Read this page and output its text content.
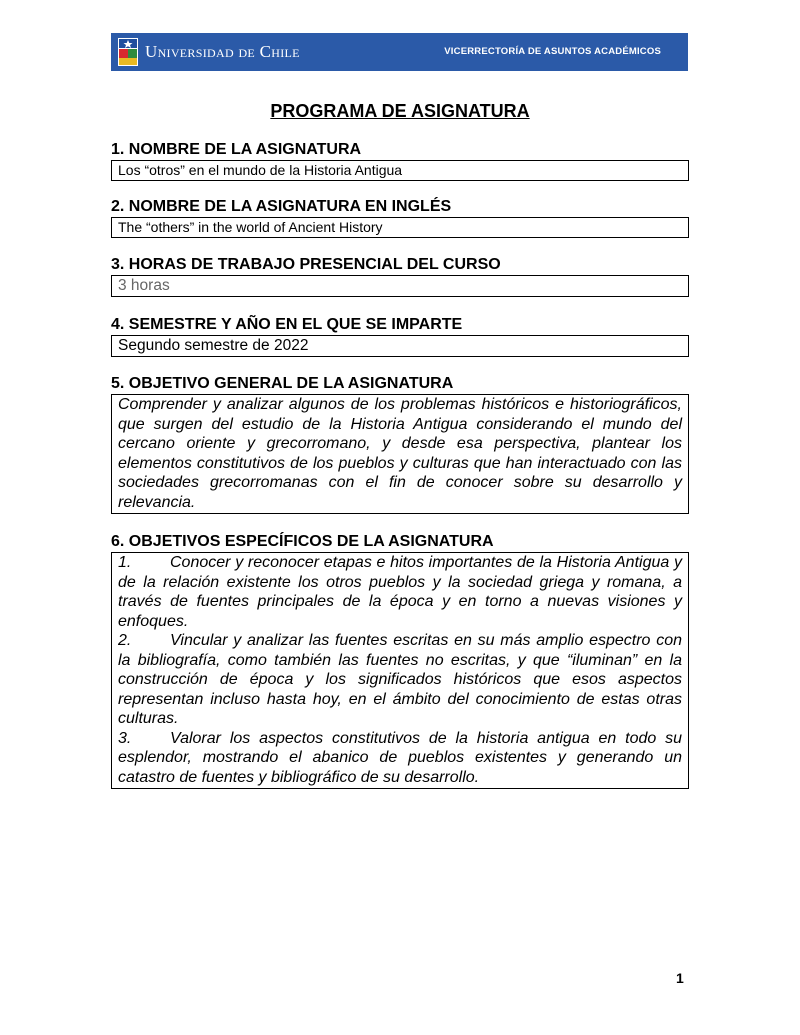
Universidad de Chile	VICERRECTORÍA DE ASUNTOS ACADÉMICOS
PROGRAMA DE ASIGNATURA
1. NOMBRE DE LA ASIGNATURA
Los “otros” en el mundo de la Historia Antigua
2. NOMBRE DE LA ASIGNATURA EN INGLÉS
The “others” in the world of Ancient History
3. HORAS DE TRABAJO PRESENCIAL DEL CURSO
3 horas
4. SEMESTRE Y AÑO EN EL QUE SE IMPARTE
Segundo semestre de 2022
5. OBJETIVO GENERAL DE LA ASIGNATURA

Comprender y analizar algunos de los problemas históricos e historiográficos, que surgen del estudio de la Historia Antigua considerando el mundo del cercano oriente y grecorromano, y desde esa perspectiva, plantear los elementos constitutivos de los pueblos y culturas que han interactuado con las sociedades grecorromanas con el fin de conocer sobre su desarrollo y relevancia.

6. OBJETIVOS ESPECÍFICOS DE LA ASIGNATURA

1. Conocer y reconocer etapas e hitos importantes de la Historia Antigua y de la relación existente los otros pueblos y la sociedad griega y romana, a través de fuentes principales de la época y en torno a nuevas visiones y enfoques.

2. Vincular y analizar las fuentes escritas en su más amplio espectro con la bibliografía, como también las fuentes no escritas, y que “iluminan” en la construcción de época y los significados históricos que esos aspectos representan incluso hasta hoy, en el ámbito del conocimiento de estas otras culturas.

3. Valorar los aspectos constitutivos de la historia antigua en todo su esplendor, mostrando el abanico de pueblos existentes y generando un catastro de fuentes y bibliográfico de su desarrollo.

1
